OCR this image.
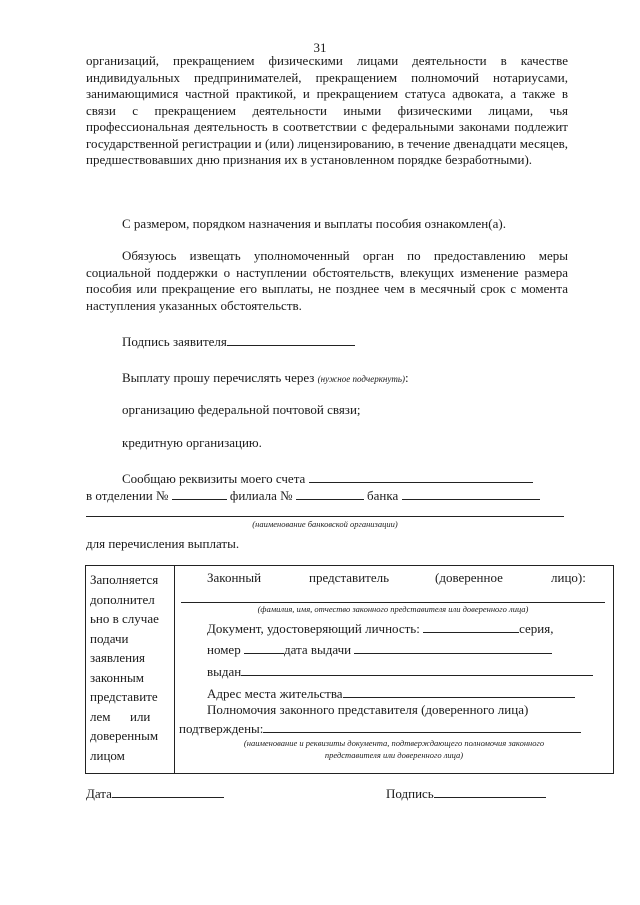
31

организаций, прекращением физическими лицами деятельности в качестве индивидуальных предпринимателей, прекращением полномочий нотариусами, занимающимися частной практикой, и прекращением статуса адвоката, а также в связи с прекращением деятельности иными физическими лицами, чья профессиональная деятельность в соответствии с федеральными законами подлежит государственной регистрации и (или) лицензированию, в течение двенадцати месяцев, предшествовавших дню признания их в установленном порядке безработными).

С размером, порядком назначения и выплаты пособия ознакомлен(а).

Обязуюсь извещать уполномоченный орган по предоставлению меры социальной поддержки о наступлении обстоятельств, влекущих изменение размера пособия или прекращение его выплаты, не позднее чем в месячный срок с момента наступления указанных обстоятельств.

Подпись заявителя
Выплату прошу перечислять через (нужное подчеркнуть):
организацию федеральной почтовой связи;
кредитную организацию.
Сообщаю реквизиты моего счета
в отделении №	филиала №	банка
(наименование банковской организации)
для перечисления выплаты.
Заполняется
дополнител
ьно в случае
подачи
заявления
законным
представите
лем      или
доверенным
лицом
Законный	представитель	(доверенное	лицо):
(фамилия, имя, отчество законного представителя или доверенного лица)
Документ, удостоверяющий личность:	серия,
номер	дата выдачи
выдан
Адрес места жительства
Полномочия законного представителя (доверенного лица)
подтверждены:
(наименование и реквизиты документа, подтверждающего полномочия законного
представителя или доверенного лица)
Дата	Подпись
